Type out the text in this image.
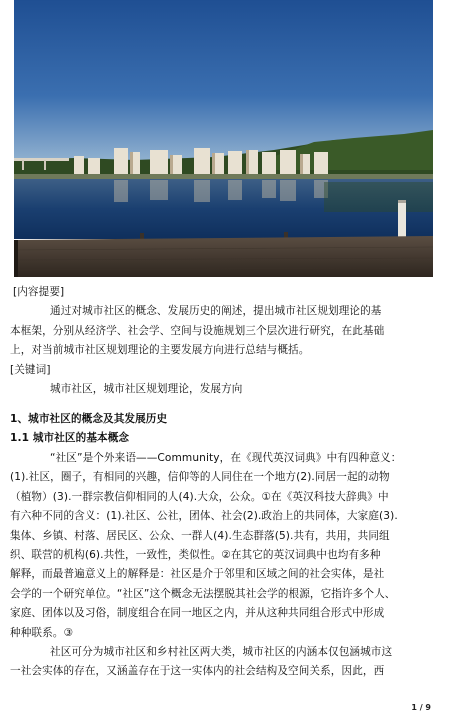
[内容提要]
通过对城市社区的概念、发展历史的阐述，提出城市社区规划理论的基
本框架，分别从经济学、社会学、空间与设施规划三个层次进行研究，在此基础
上，对当前城市社区规划理论的主要发展方向进行总结与概括。
[关键词]
城市社区，城市社区规划理论，发展方向
1、城市社区的概念及其发展历史
1.1 城市社区的基本概念
“社区”是个外来语——Community，在《现代英汉词典》中有四种意义：
(1).社区，圈子，有相同的兴趣，信仰等的人同住在一个地方(2).同居一起的动物
（植物）(3).一群宗教信仰相同的人(4).大众，公众。①在《英汉科技大辞典》中
有六种不同的含义：(1).社区、公社，团体、社会(2).政治上的共同体，大家庭(3).
集体、乡镇、村落、居民区、公众、一群人(4).生态群落(5).共有，共用，共同组
织、联营的机构(6).共性，一致性，类似性。②在其它的英汉词典中也均有多种
解释，而最普遍意义上的解释是：社区是介于邻里和区域之间的社会实体，是社
会学的一个研究单位。“社区”这个概念无法摆脱其社会学的根源，它指许多个人、
家庭、团体以及习俗，制度组合在同一地区之内，并从这种共同组合形式中形成
种种联系。③
社区可分为城市社区和乡村社区两大类，城市社区的内涵本仅包涵城市这
一社会实体的存在，又涵盖存在于这一实体内的社会结构及空间关系，因此，西
1 / 9
